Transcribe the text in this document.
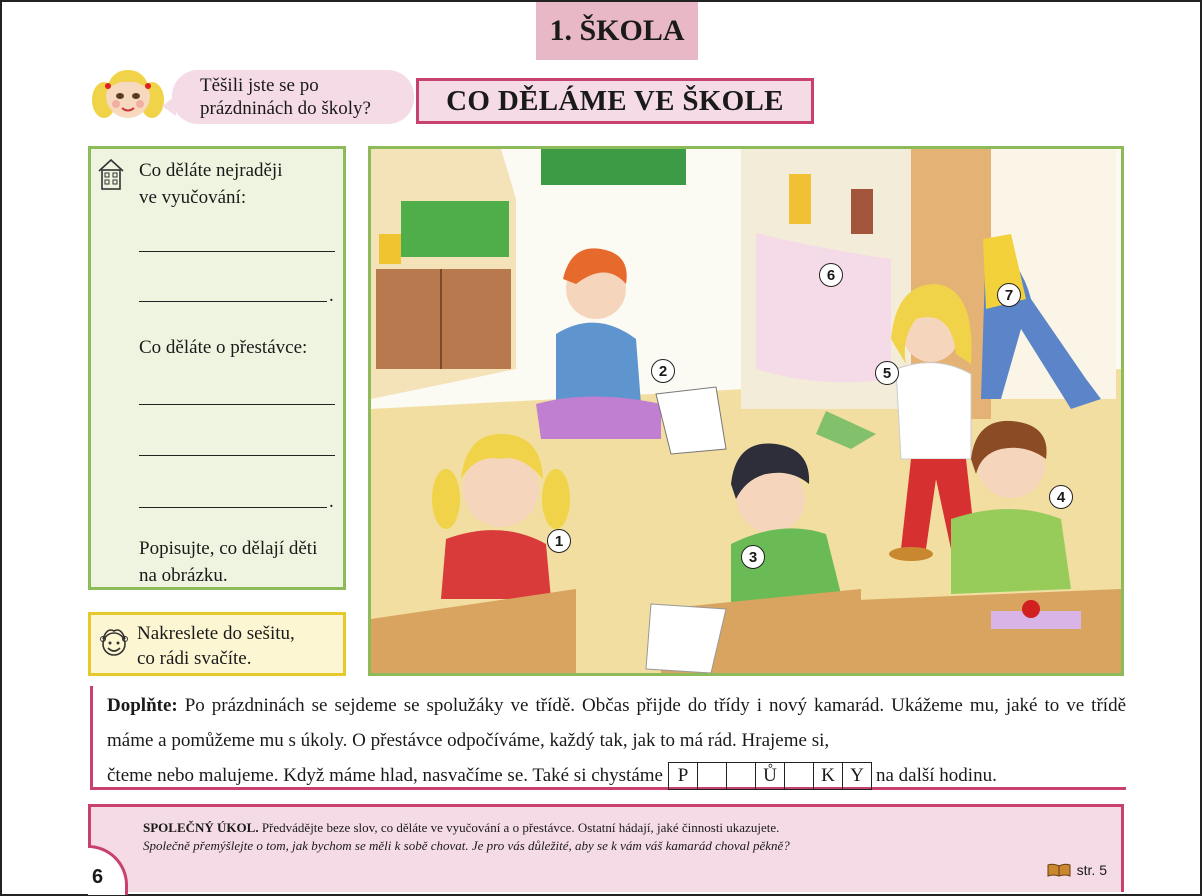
1. ŠKOLA
Těšili jste se po
prázdninách do školy?	CO DĚLÁME VE ŠKOLE
Co děláte nejraději
ve vyučování:
.
Co děláte o přestávce:
.
Popisujte, co dělají děti
na obrázku.
Nakreslete do sešitu,
co rádi svačíte.
1
2
3
4
5
6
7

Doplňte: Po prázdninách se sejdeme se spolužáky ve třídě. Občas přijde do třídy i nový kamarád. Ukážeme mu, jaké to ve třídě máme a pomůžeme mu s úkoly. O přestávce odpočíváme, každý tak, jak to má rád. Hrajeme si,

čteme nebo malujeme. Když máme hlad, nasvačíme se. Také si chystáme P	Ů	K Y na další hodinu.
SPOLEČNÝ ÚKOL. Předvádějte beze slov, co děláte ve vyučování a o přestávce. Ostatní hádají, jaké činnosti ukazujete.
Společně přemýšlejte o tom, jak bychom se měli k sobě chovat. Je pro vás důležité, aby se k vám váš kamarád choval pěkně?
6	str. 5
